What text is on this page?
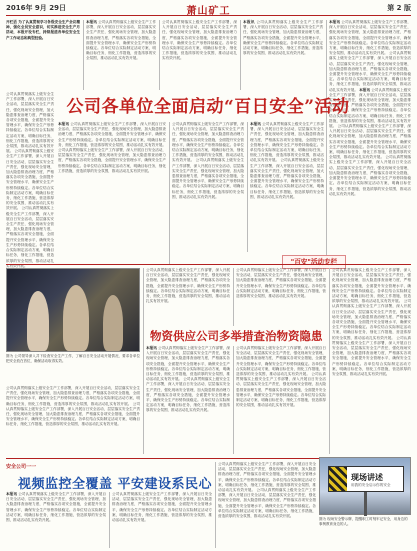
2016年 9月 29日	萧山矿工	第 2 版
开栏语 为了认真贯彻学习各级安全生产会议精神，强化全员安全意识，切实推进安全生产月活动，本报开设专栏，持续报道各单位安全生产工作动态和典型经验。
本报讯 公司认真贯彻落实上级安全生产工作部署，深入开展百日安全活动，层层落实安全生产责任，强化现场安全管理，加大隐患排查治理力度，严格落实各项安全措施，全面提升安全管理水平，确保安全生产形势持续稳定。各单位结合实际制定活动方案，明确目标任务，细化工作措施，营造浓厚的安全氛围，推动活动扎实有效开展。
公司认真贯彻落实上级安全生产工作部署，深入开展百日安全活动，层层落实安全生产责任，强化现场安全管理，加大隐患排查治理力度，严格落实各项安全措施，全面提升安全管理水平，确保安全生产形势持续稳定。各单位结合实际制定活动方案，明确目标任务，细化工作措施，营造浓厚的安全氛围，推动活动扎实有效开展。
本报讯 公司认真贯彻落实上级安全生产工作部署，深入开展百日安全活动，层层落实安全生产责任，强化现场安全管理，加大隐患排查治理力度，严格落实各项安全措施，全面提升安全管理水平，确保安全生产形势持续稳定。各单位结合实际制定活动方案，明确目标任务，细化工作措施，营造浓厚的安全氛围，推动活动扎实有效开展。
本报讯 公司认真贯彻落实上级安全生产工作部署，深入开展百日安全活动，层层落实安全生产责任，强化现场安全管理，加大隐患排查治理力度，严格落实各项安全措施，全面提升安全管理水平，确保安全生产形势持续稳定。各单位结合实际制定活动方案，明确目标任务，细化工作措施，营造浓厚的安全氛围，推动活动扎实有效开展。 公司认真贯彻落实上级安全生产工作部署，深入开展百日安全活动，层层落实安全生产责任，强化现场安全管理，加大隐患排查治理力度，严格落实各项安全措施，全面提升安全管理水平，确保安全生产形势持续稳定。各单位结合实际制定活动方案，明确目标任务，细化工作措施，营造浓厚的安全氛围，推动活动扎实有效开展。 本报讯 公司认真贯彻落实上级安全生产工作部署，深入开展百日安全活动，层层落实安全生产责任，强化现场安全管理，加大隐患排查治理力度，严格落实各项安全措施，全面提升安全管理水平，确保安全生产形势持续稳定。各单位结合实际制定活动方案，明确目标任务，细化工作措施，营造浓厚的安全氛围，推动活动扎实有效开展。 公司认真贯彻落实上级安全生产工作部署，深入开展百日安全活动，层层落实安全生产责任，强化现场安全管理，加大隐患排查治理力度，严格落实各项安全措施，全面提升安全管理水平，确保安全生产形势持续稳定。各单位结合实际制定活动方案，明确目标任务，细化工作措施，营造浓厚的安全氛围，推动活动扎实有效开展。 公司认真贯彻落实上级安全生产工作部署，深入开展百日安全活动，层层落实安全生产责任，强化现场安全管理，加大隐患排查治理力度，严格落实各项安全措施，全面提升安全管理水平，确保安全生产形势持续稳定。各单位结合实际制定活动方案，明确目标任务，细化工作措施，营造浓厚的安全氛围，推动活动扎实有效开展。
公司各单位全面启动“百日安全”活动
公司认真贯彻落实上级安全生产工作部署，深入开展百日安全活动，层层落实安全生产责任，强化现场安全管理，加大隐患排查治理力度，严格落实各项安全措施，全面提升安全管理水平，确保安全生产形势持续稳定。各单位结合实际制定活动方案，明确目标任务，细化工作措施，营造浓厚的安全氛围，推动活动扎实有效开展。 公司认真贯彻落实上级安全生产工作部署，深入开展百日安全活动，层层落实安全生产责任，强化现场安全管理，加大隐患排查治理力度，严格落实各项安全措施，全面提升安全管理水平，确保安全生产形势持续稳定。各单位结合实际制定活动方案，明确目标任务，细化工作措施，营造浓厚的安全氛围，推动活动扎实有效开展。 公司认真贯彻落实上级安全生产工作部署，深入开展百日安全活动，层层落实安全生产责任，强化现场安全管理，加大隐患排查治理力度，严格落实各项安全措施，全面提升安全管理水平，确保安全生产形势持续稳定。各单位结合实际制定活动方案，明确目标任务，细化工作措施，营造浓厚的安全氛围，推动活动扎实有效开展。
本报讯 公司认真贯彻落实上级安全生产工作部署，深入开展百日安全活动，层层落实安全生产责任，强化现场安全管理，加大隐患排查治理力度，严格落实各项安全措施，全面提升安全管理水平，确保安全生产形势持续稳定。各单位结合实际制定活动方案，明确目标任务，细化工作措施，营造浓厚的安全氛围，推动活动扎实有效开展。 公司认真贯彻落实上级安全生产工作部署，深入开展百日安全活动，层层落实安全生产责任，强化现场安全管理，加大隐患排查治理力度，严格落实各项安全措施，全面提升安全管理水平，确保安全生产形势持续稳定。各单位结合实际制定活动方案，明确目标任务，细化工作措施，营造浓厚的安全氛围，推动活动扎实有效开展。
公司认真贯彻落实上级安全生产工作部署，深入开展百日安全活动，层层落实安全生产责任，强化现场安全管理，加大隐患排查治理力度，严格落实各项安全措施，全面提升安全管理水平，确保安全生产形势持续稳定。各单位结合实际制定活动方案，明确目标任务，细化工作措施，营造浓厚的安全氛围，推动活动扎实有效开展。 公司认真贯彻落实上级安全生产工作部署，深入开展百日安全活动，层层落实安全生产责任，强化现场安全管理，加大隐患排查治理力度，严格落实各项安全措施，全面提升安全管理水平，确保安全生产形势持续稳定。各单位结合实际制定活动方案，明确目标任务，细化工作措施，营造浓厚的安全氛围，推动活动扎实有效开展。
本报讯 公司认真贯彻落实上级安全生产工作部署，深入开展百日安全活动，层层落实安全生产责任，强化现场安全管理，加大隐患排查治理力度，严格落实各项安全措施，全面提升安全管理水平，确保安全生产形势持续稳定。各单位结合实际制定活动方案，明确目标任务，细化工作措施，营造浓厚的安全氛围，推动活动扎实有效开展。 公司认真贯彻落实上级安全生产工作部署，深入开展百日安全活动，层层落实安全生产责任，强化现场安全管理，加大隐患排查治理力度，严格落实各项安全措施，全面提升安全管理水平，确保安全生产形势持续稳定。各单位结合实际制定活动方案，明确目标任务，细化工作措施，营造浓厚的安全氛围，推动活动扎实有效开展。
"百安"活动专栏
图为 公司领导深入井下检查安全生产工作，了解百日安全活动开展情况，要求各单位把安全放在首位，确保活动取得实效。
公司认真贯彻落实上级安全生产工作部署，深入开展百日安全活动，层层落实安全生产责任，强化现场安全管理，加大隐患排查治理力度，严格落实各项安全措施，全面提升安全管理水平，确保安全生产形势持续稳定。各单位结合实际制定活动方案，明确目标任务，细化工作措施，营造浓厚的安全氛围，推动活动扎实有效开展。
公司认真贯彻落实上级安全生产工作部署，深入开展百日安全活动，层层落实安全生产责任，强化现场安全管理，加大隐患排查治理力度，严格落实各项安全措施，全面提升安全管理水平，确保安全生产形势持续稳定。各单位结合实际制定活动方案，明确目标任务，细化工作措施，营造浓厚的安全氛围，推动活动扎实有效开展。
公司认真贯彻落实上级安全生产工作部署，深入开展百日安全活动，层层落实安全生产责任，强化现场安全管理，加大隐患排查治理力度，严格落实各项安全措施，全面提升安全管理水平，确保安全生产形势持续稳定。各单位结合实际制定活动方案，明确目标任务，细化工作措施，营造浓厚的安全氛围，推动活动扎实有效开展。 公司认真贯彻落实上级安全生产工作部署，深入开展百日安全活动，层层落实安全生产责任，强化现场安全管理，加大隐患排查治理力度，严格落实各项安全措施，全面提升安全管理水平，确保安全生产形势持续稳定。各单位结合实际制定活动方案，明确目标任务，细化工作措施，营造浓厚的安全氛围，推动活动扎实有效开展。 公司认真贯彻落实上级安全生产工作部署，深入开展百日安全活动，层层落实安全生产责任，强化现场安全管理，加大隐患排查治理力度，严格落实各项安全措施，全面提升安全管理水平，确保安全生产形势持续稳定。各单位结合实际制定活动方案，明确目标任务，细化工作措施，营造浓厚的安全氛围，推动活动扎实有效开展。
物资供应公司多举措查治物资隐患
本报讯 公司认真贯彻落实上级安全生产工作部署，深入开展百日安全活动，层层落实安全生产责任，强化现场安全管理，加大隐患排查治理力度，严格落实各项安全措施，全面提升安全管理水平，确保安全生产形势持续稳定。各单位结合实际制定活动方案，明确目标任务，细化工作措施，营造浓厚的安全氛围，推动活动扎实有效开展。 公司认真贯彻落实上级安全生产工作部署，深入开展百日安全活动，层层落实安全生产责任，强化现场安全管理，加大隐患排查治理力度，严格落实各项安全措施，全面提升安全管理水平，确保安全生产形势持续稳定。各单位结合实际制定活动方案，明确目标任务，细化工作措施，营造浓厚的安全氛围，推动活动扎实有效开展。
公司认真贯彻落实上级安全生产工作部署，深入开展百日安全活动，层层落实安全生产责任，强化现场安全管理，加大隐患排查治理力度，严格落实各项安全措施，全面提升安全管理水平，确保安全生产形势持续稳定。各单位结合实际制定活动方案，明确目标任务，细化工作措施，营造浓厚的安全氛围，推动活动扎实有效开展。 公司认真贯彻落实上级安全生产工作部署，深入开展百日安全活动，层层落实安全生产责任，强化现场安全管理，加大隐患排查治理力度，严格落实各项安全措施，全面提升安全管理水平，确保安全生产形势持续稳定。各单位结合实际制定活动方案，明确目标任务，细化工作措施，营造浓厚的安全氛围，推动活动扎实有效开展。
公司认真贯彻落实上级安全生产工作部署，深入开展百日安全活动，层层落实安全生产责任，强化现场安全管理，加大隐患排查治理力度，严格落实各项安全措施，全面提升安全管理水平，确保安全生产形势持续稳定。各单位结合实际制定活动方案，明确目标任务，细化工作措施，营造浓厚的安全氛围，推动活动扎实有效开展。 公司认真贯彻落实上级安全生产工作部署，深入开展百日安全活动，层层落实安全生产责任，强化现场安全管理，加大隐患排查治理力度，严格落实各项安全措施，全面提升安全管理水平，确保安全生产形势持续稳定。各单位结合实际制定活动方案，明确目标任务，细化工作措施，营造浓厚的安全氛围，推动活动扎实有效开展。
安全公司一一
视频监控全覆盖 平安建设系民心
本报讯 公司认真贯彻落实上级安全生产工作部署，深入开展百日安全活动，层层落实安全生产责任，强化现场安全管理，加大隐患排查治理力度，严格落实各项安全措施，全面提升安全管理水平，确保安全生产形势持续稳定。各单位结合实际制定活动方案，明确目标任务，细化工作措施，营造浓厚的安全氛围，推动活动扎实有效开展。
公司认真贯彻落实上级安全生产工作部署，深入开展百日安全活动，层层落实安全生产责任，强化现场安全管理，加大隐患排查治理力度，严格落实各项安全措施，全面提升安全管理水平，确保安全生产形势持续稳定。各单位结合实际制定活动方案，明确目标任务，细化工作措施，营造浓厚的安全氛围，推动活动扎实有效开展。
公司认真贯彻落实上级安全生产工作部署，深入开展百日安全活动，层层落实安全生产责任，强化现场安全管理，加大隐患排查治理力度，严格落实各项安全措施，全面提升安全管理水平，确保安全生产形势持续稳定。各单位结合实际制定活动方案，明确目标任务，细化工作措施，营造浓厚的安全氛围，推动活动扎实有效开展。 公司认真贯彻落实上级安全生产工作部署，深入开展百日安全活动，层层落实安全生产责任，强化现场安全管理，加大隐患排查治理力度，严格落实各项安全措施，全面提升安全管理水平，确保安全生产形势持续稳定。各单位结合实际制定活动方案，明确目标任务，细化工作措施，营造浓厚的安全氛围，推动活动扎实有效开展。
现场讲述
用我的安全启示你的安全
图为 现场安全警示牌，提醒职工时刻牢记安全，用身边的事例教育身边的人。
